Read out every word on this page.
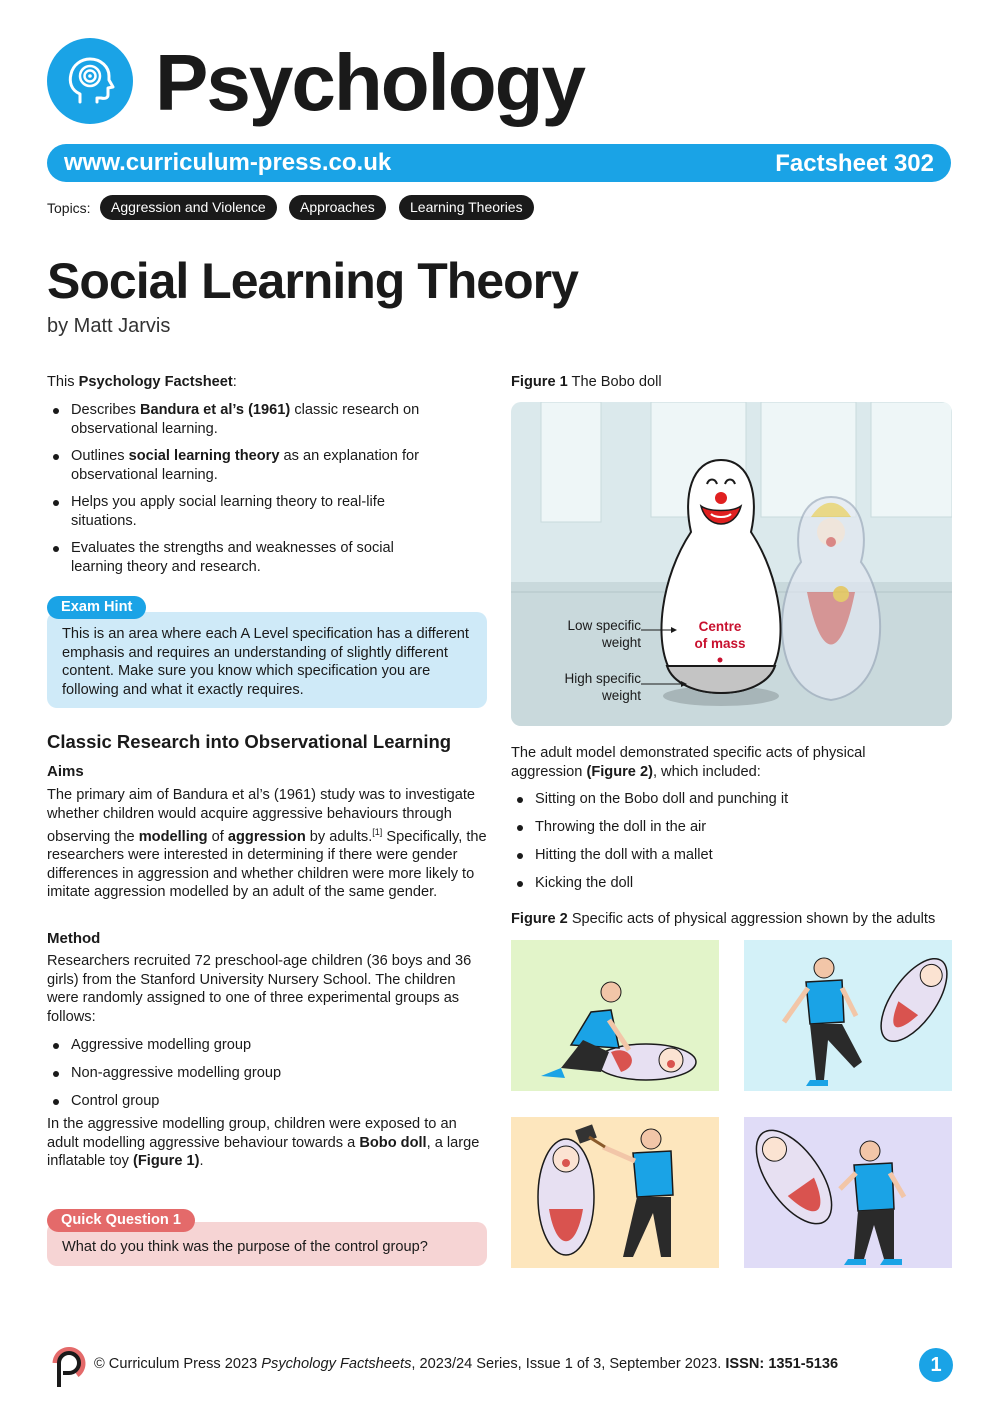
Psychology
www.curriculum-press.co.uk	Factsheet 302
Topics:	Aggression and Violence	Approaches	Learning Theories
Social Learning Theory
by Matt Jarvis
This Psychology Factsheet:
Describes Bandura et al’s (1961) classic research on observational learning.
Outlines social learning theory as an explanation for observational learning.
Helps you apply social learning theory to real-life situations.
Evaluates the strengths and weaknesses of social learning theory and research.
Exam Hint
This is an area where each A Level specification has a different emphasis and requires an understanding of slightly different content. Make sure you know which specification you are following and what it exactly requires.
Classic Research into Observational Learning
Aims
The primary aim of Bandura et al’s (1961) study was to investigate whether children would acquire aggressive behaviours through observing the modelling of aggression by adults.[1] Specifically, the researchers were interested in determining if there were gender differences in aggression and whether children were more likely to imitate aggression modelled by an adult of the same gender.
Method
Researchers recruited 72 preschool-age children (36 boys and 36 girls) from the Stanford University Nursery School. The children were randomly assigned to one of three experimental groups as follows:
Aggressive modelling group
Non-aggressive modelling group
Control group
In the aggressive modelling group, children were exposed to an adult modelling aggressive behaviour towards a Bobo doll, a large inflatable toy (Figure 1).
Quick Question 1
What do you think was the purpose of the control group?
Figure 1 The Bobo doll
Low specific
weight
High specific
weight
Centre
of mass
The adult model demonstrated specific acts of physical aggression (Figure 2), which included:
Sitting on the Bobo doll and punching it
Throwing the doll in the air
Hitting the doll with a mallet
Kicking the doll
Figure 2 Specific acts of physical aggression shown by the adults
© Curriculum Press 2023 Psychology Factsheets, 2023/24 Series, Issue 1 of 3, September 2023. ISSN: 1351-5136	1
